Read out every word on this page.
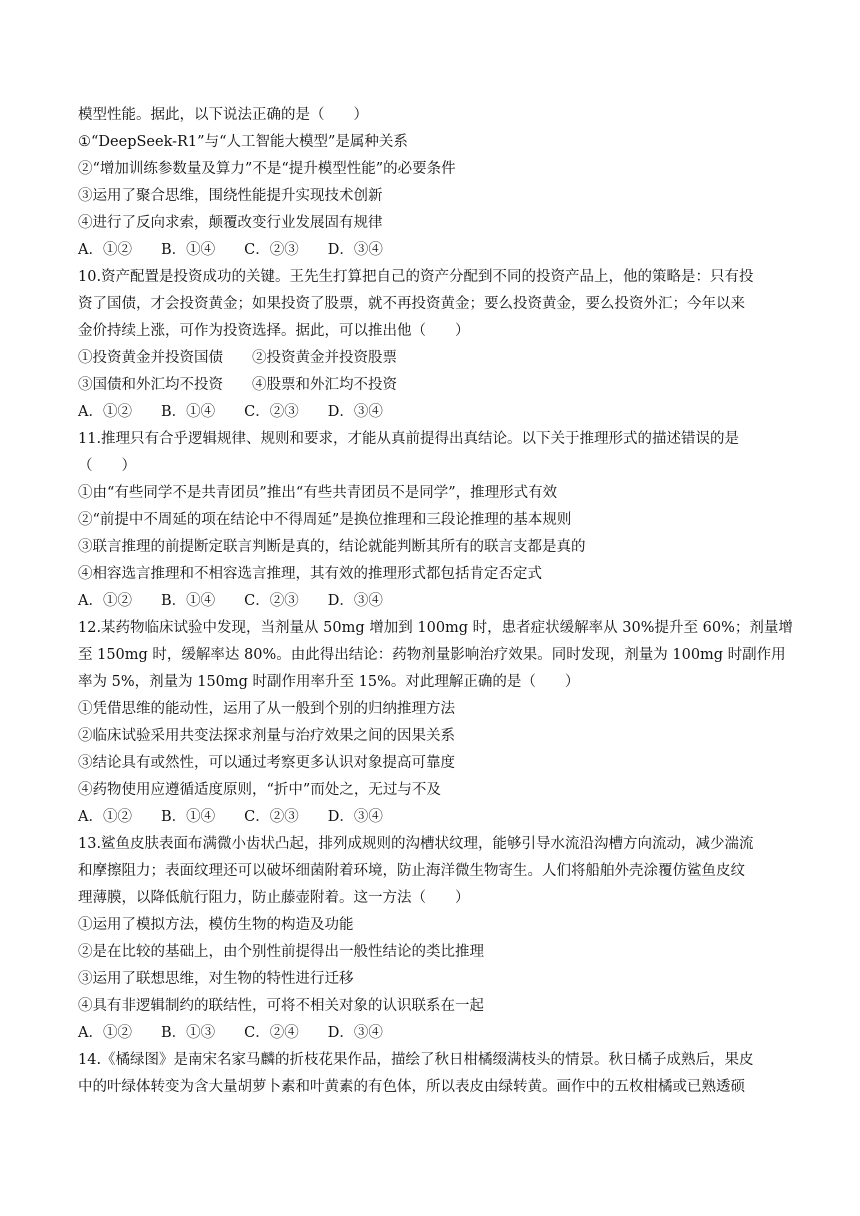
模型性能。据此，以下说法正确的是（　　）
①“DeepSeek-R1”与“人工智能大模型”是属种关系
②“增加训练参数量及算力”不是“提升模型性能”的必要条件
③运用了聚合思维，围绕性能提升实现技术创新
④进行了反向求索，颠覆改变行业发展固有规律
A．①②　　B．①④　　C．②③　　D．③④
10.资产配置是投资成功的关键。王先生打算把自己的资产分配到不同的投资产品上，他的策略是：只有投
资了国债，才会投资黄金；如果投资了股票，就不再投资黄金；要么投资黄金，要么投资外汇；今年以来
金价持续上涨，可作为投资选择。据此，可以推出他（　　）
①投资黄金并投资国债　　②投资黄金并投资股票
③国债和外汇均不投资　　④股票和外汇均不投资
A．①②　　B．①④　　C．②③　　D．③④
11.推理只有合乎逻辑规律、规则和要求，才能从真前提得出真结论。以下关于推理形式的描述错误的是
（　　）
①由“有些同学不是共青团员”推出“有些共青团员不是同学”，推理形式有效
②“前提中不周延的项在结论中不得周延”是换位推理和三段论推理的基本规则
③联言推理的前提断定联言判断是真的，结论就能判断其所有的联言支都是真的
④相容选言推理和不相容选言推理，其有效的推理形式都包括肯定否定式
A．①②　　B．①④　　C．②③　　D．③④
12.某药物临床试验中发现，当剂量从 50mg 增加到 100mg 时，患者症状缓解率从 30%提升至 60%；剂量增
至 150mg 时，缓解率达 80%。由此得出结论：药物剂量影响治疗效果。同时发现，剂量为 100mg 时副作用
率为 5%，剂量为 150mg 时副作用率升至 15%。对此理解正确的是（　　）
①凭借思维的能动性，运用了从一般到个别的归纳推理方法
②临床试验采用共变法探求剂量与治疗效果之间的因果关系
③结论具有或然性，可以通过考察更多认识对象提高可靠度
④药物使用应遵循适度原则，“折中”而处之，无过与不及
A．①②　　B．①④　　C．②③　　D．③④
13.鲨鱼皮肤表面布满微小齿状凸起，排列成规则的沟槽状纹理，能够引导水流沿沟槽方向流动，减少湍流
和摩擦阻力；表面纹理还可以破坏细菌附着环境，防止海洋微生物寄生。人们将船舶外壳涂覆仿鲨鱼皮纹
理薄膜，以降低航行阻力，防止藤壶附着。这一方法（　　）
①运用了模拟方法，模仿生物的构造及功能
②是在比较的基础上，由个别性前提得出一般性结论的类比推理
③运用了联想思维，对生物的特性进行迁移
④具有非逻辑制约的联结性，可将不相关对象的认识联系在一起
A．①②　　B．①③　　C．②④　　D．③④
14.《橘绿图》是南宋名家马麟的折枝花果作品，描绘了秋日柑橘缀满枝头的情景。秋日橘子成熟后，果皮
中的叶绿体转变为含大量胡萝卜素和叶黄素的有色体，所以表皮由绿转黄。画作中的五枚柑橘或已熟透硕
